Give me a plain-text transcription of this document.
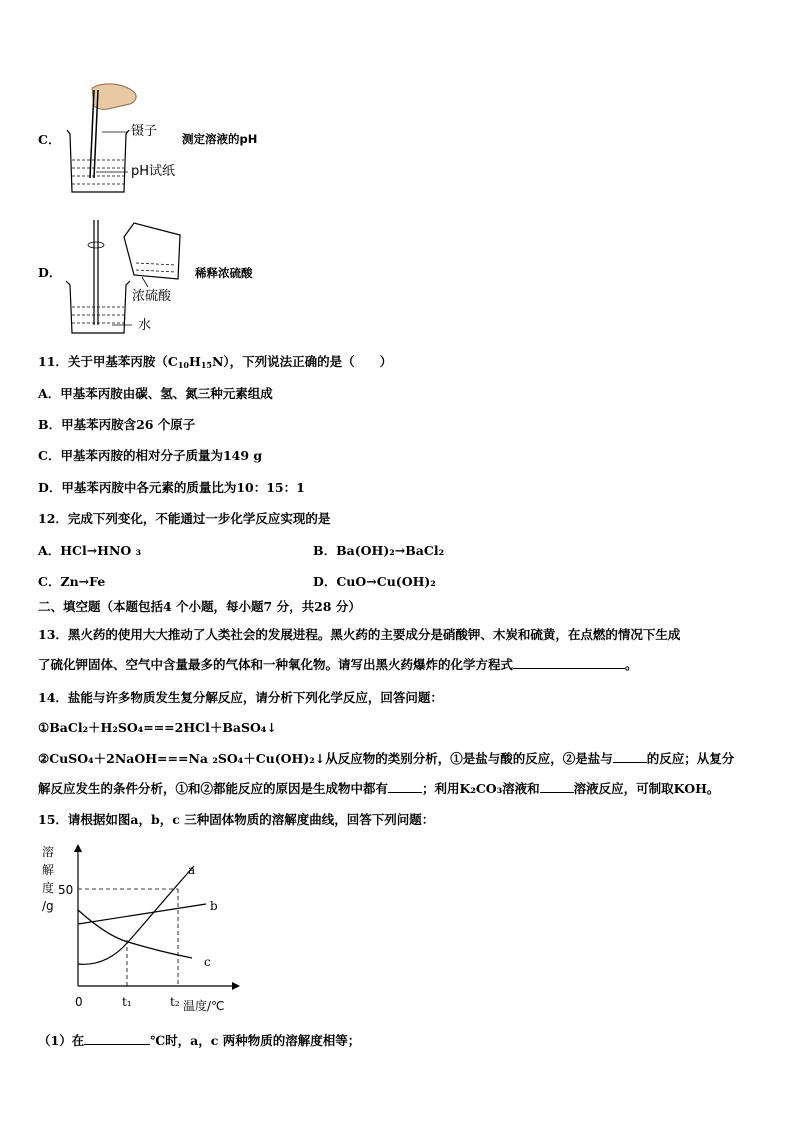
C．
镊子
pH试纸
测定溶液的pH
D．
浓硫酸
水
稀释浓硫酸
11．关于甲基苯丙胺$(C_{10}H_{15}N)$，下列说法正确的是（　　）
A．甲基苯丙胺由碳、氢、氮三种元素组成
B．甲基苯丙胺含26 个原子
C．甲基苯丙胺的相对分子质量为149 g
D．甲基苯丙胺中各元素的质量比为10：15：1
12．完成下列变化，不能通过一步化学反应实现的是
A．HCl→HNO ₃	B．Ba(OH)₂→BaCl₂
C．Zn→Fe	D．CuO→Cu(OH)₂
二、填空题（本题包括4 个小题，每小题7 分，共28 分）
13．黑火药的使用大大推动了人类社会的发展进程。黑火药的主要成分是硝酸钾、木炭和硫黄，在点燃的情况下生成
了硫化钾固体、空气中含量最多的气体和一种氧化物。请写出黑火药爆炸的化学方程式	。
14．盐能与许多物质发生复分解反应，请分析下列化学反应，回答问题：
①BaCl₂＋H₂SO₄===2HCl＋BaSO₄↓
②CuSO₄＋2NaOH===Na ₂SO₄＋Cu(OH)₂↓从反应物的类别分析，①是盐与酸的反应，②是盐与	的反应；从复分
解反应发生的条件分析，①和②都能反应的原因是生成物中都有	；利用K₂CO₃溶液和	溶液反应，可制取KOH。
15．请根据如图a，b，c 三种固体物质的溶解度曲线，回答下列问题：
溶
解
度
/g
50
0	t₁	t₂ 温度/℃
a
b
c
（1）在	℃时，a，c 两种物质的溶解度相等；
